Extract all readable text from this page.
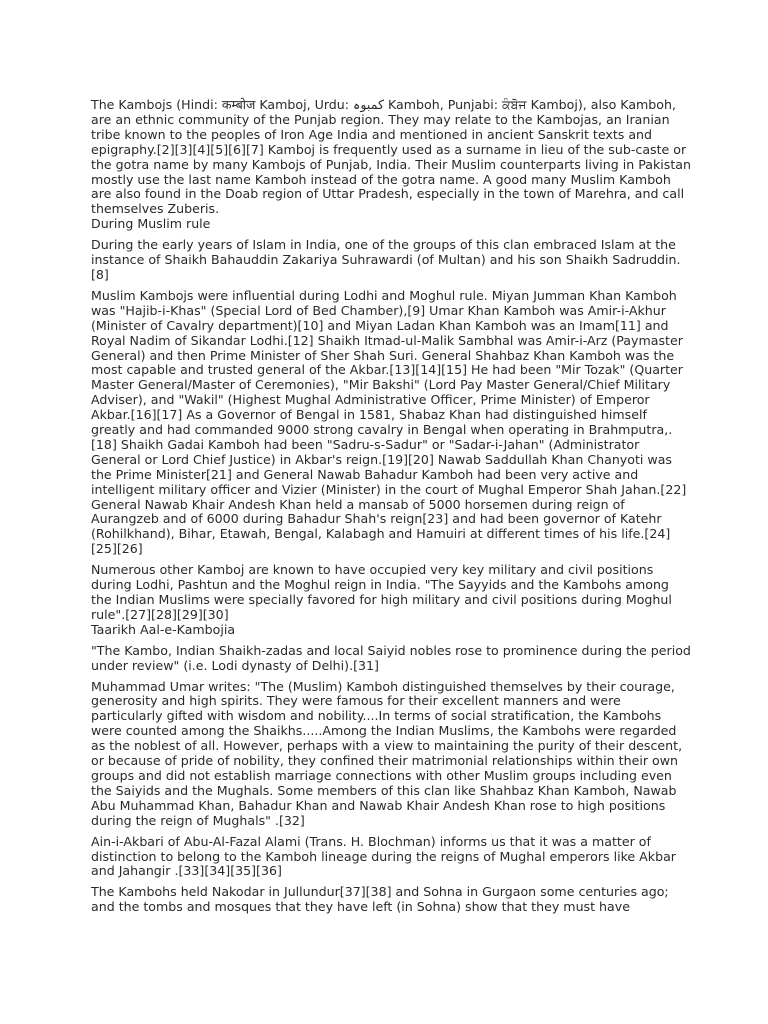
The Kambojs (Hindi: कम्बोज Kamboj, Urdu: کمبوہ Kamboh, Punjabi: ਕੰਬੋਜ Kamboj), also Kamboh, are an ethnic community of the Punjab region. They may relate to the Kambojas, an Iranian tribe known to the peoples of Iron Age India and mentioned in ancient Sanskrit texts and epigraphy.[2][3][4][5][6][7] Kamboj is frequently used as a surname in lieu of the sub-caste or the gotra name by many Kambojs of Punjab, India. Their Muslim counterparts living in Pakistan mostly use the last name Kamboh instead of the gotra name. A good many Muslim Kamboh are also found in the Doab region of Uttar Pradesh, especially in the town of Marehra, and call themselves Zuberis.

During Muslim rule

During the early years of Islam in India, one of the groups of this clan embraced Islam at the instance of Shaikh Bahauddin Zakariya Suhrawardi (of Multan) and his son Shaikh Sadruddin.[8]

Muslim Kambojs were influential during Lodhi and Moghul rule. Miyan Jumman Khan Kamboh was "Hajib-i-Khas" (Special Lord of Bed Chamber),[9] Umar Khan Kamboh was Amir-i-Akhur (Minister of Cavalry department)[10] and Miyan Ladan Khan Kamboh was an Imam[11] and Royal Nadim of Sikandar Lodhi.[12] Shaikh Itmad-ul-Malik Sambhal was Amir-i-Arz (Paymaster General) and then Prime Minister of Sher Shah Suri. General Shahbaz Khan Kamboh was the most capable and trusted general of the Akbar.[13][14][15] He had been "Mir Tozak" (Quarter Master General/Master of Ceremonies), "Mir Bakshi" (Lord Pay Master General/Chief Military Adviser), and "Wakil" (Highest Mughal Administrative Officer, Prime Minister) of Emperor Akbar.[16][17] As a Governor of Bengal in 1581, Shabaz Khan had distinguished himself greatly and had commanded 9000 strong cavalry in Bengal when operating in Brahmputra,.[18] Shaikh Gadai Kamboh had been "Sadru-s-Sadur" or "Sadar-i-Jahan" (Administrator General or Lord Chief Justice) in Akbar's reign.[19][20] Nawab Saddullah Khan Chanyoti was the Prime Minister[21] and General Nawab Bahadur Kamboh had been very active and intelligent military officer and Vizier (Minister) in the court of Mughal Emperor Shah Jahan.[22] General Nawab Khair Andesh Khan held a mansab of 5000 horsemen during reign of Aurangzeb and of 6000 during Bahadur Shah's reign[23] and had been governor of Katehr (Rohilkhand), Bihar, Etawah, Bengal, Kalabagh and Hamuiri at different times of his life.[24][25][26]

Numerous other Kamboj are known to have occupied very key military and civil positions during Lodhi, Pashtun and the Moghul reign in India. "The Sayyids and the Kambohs among the Indian Muslims were specially favored for high military and civil positions during Moghul rule".[27][28][29][30]

Taarikh Aal-e-Kambojia

"The Kambo, Indian Shaikh-zadas and local Saiyid nobles rose to prominence during the period under review" (i.e. Lodi dynasty of Delhi).[31]

Muhammad Umar writes: "The (Muslim) Kamboh distinguished themselves by their courage, generosity and high spirits. They were famous for their excellent manners and were particularly gifted with wisdom and nobility....In terms of social stratification, the Kambohs were counted among the Shaikhs.....Among the Indian Muslims, the Kambohs were regarded as the noblest of all. However, perhaps with a view to maintaining the purity of their descent, or because of pride of nobility, they confined their matrimonial relationships within their own groups and did not establish marriage connections with other Muslim groups including even the Saiyids and the Mughals. Some members of this clan like Shahbaz Khan Kamboh, Nawab Abu Muhammad Khan, Bahadur Khan and Nawab Khair Andesh Khan rose to high positions during the reign of Mughals" .[32]

Ain-i-Akbari of Abu-Al-Fazal Alami (Trans. H. Blochman) informs us that it was a matter of distinction to belong to the Kamboh lineage during the reigns of Mughal emperors like Akbar and Jahangir .[33][34][35][36]

The Kambohs held Nakodar in Jullundur[37][38] and Sohna in Gurgaon some centuries ago; and the tombs and mosques that they have left (in Sohna) show that they must have
